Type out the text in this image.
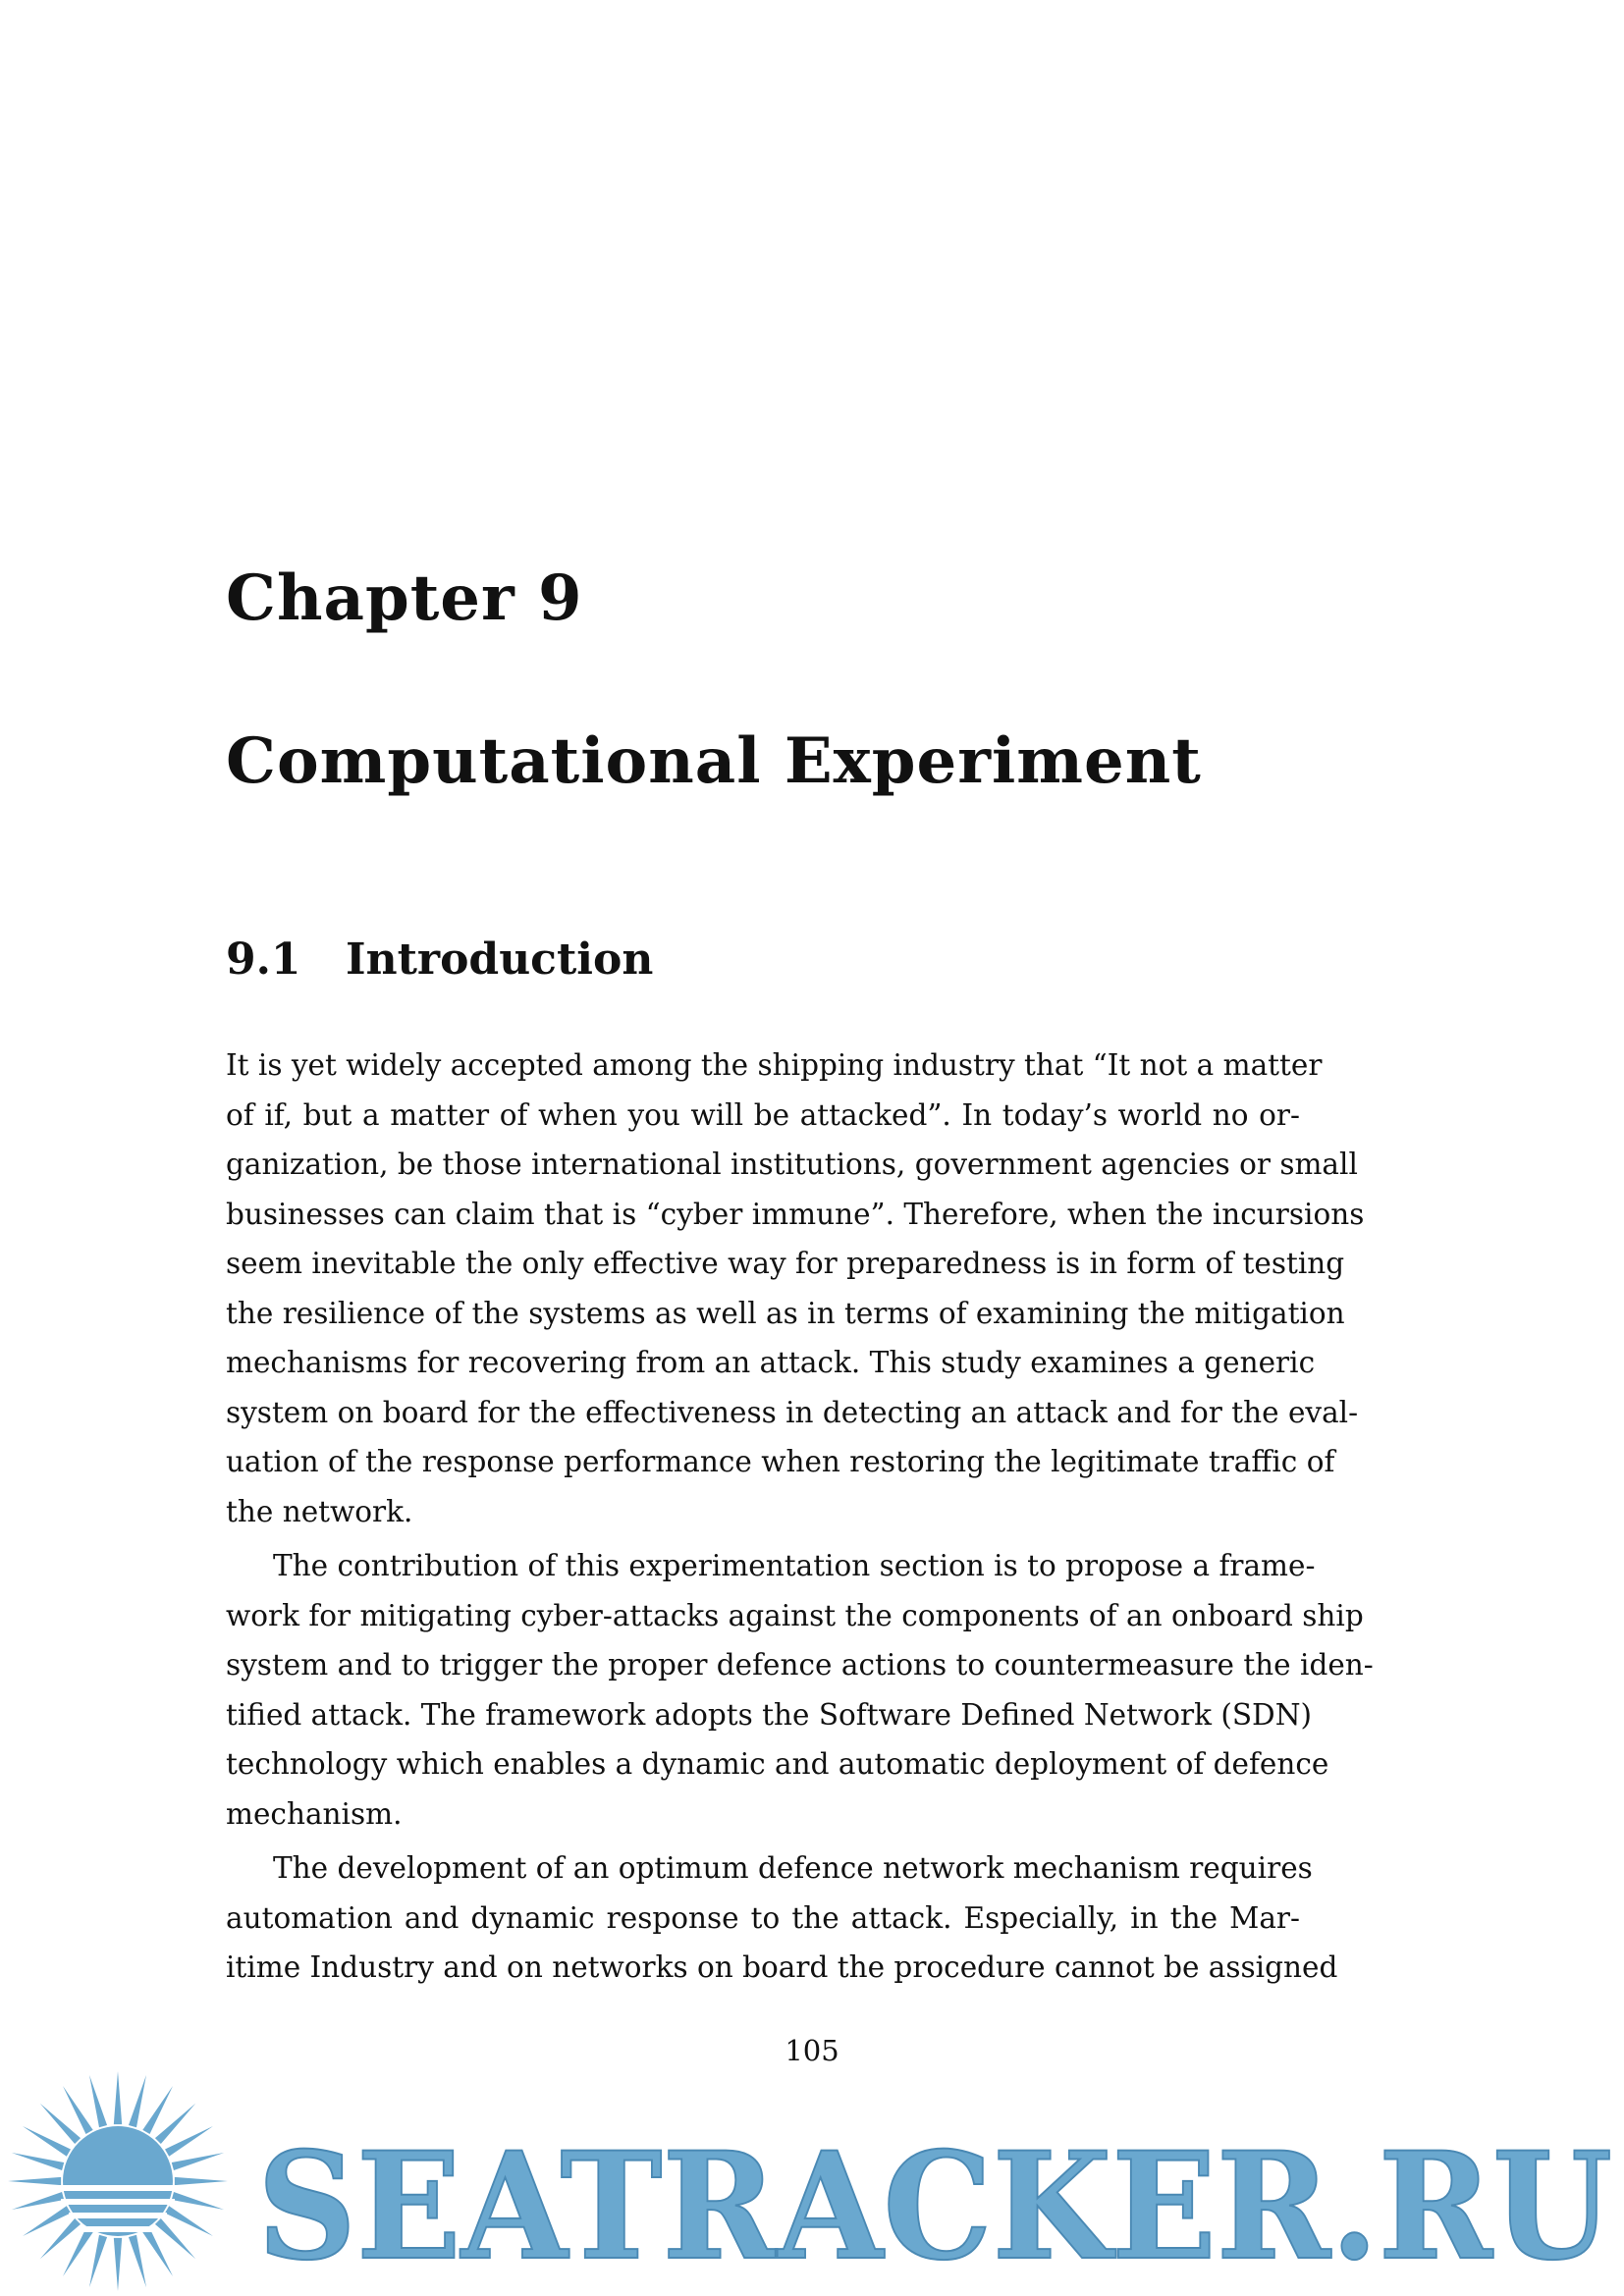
Chapter 9
Computational Experiment
9.1 Introduction
It is yet widely accepted among the shipping industry that “It not a matter
of if, but a matter of when you will be attacked”. In today’s world no or-
ganization, be those international institutions, government agencies or small
businesses can claim that is “cyber immune”. Therefore, when the incursions
seem inevitable the only effective way for preparedness is in form of testing
the resilience of the systems as well as in terms of examining the mitigation
mechanisms for recovering from an attack. This study examines a generic
system on board for the effectiveness in detecting an attack and for the eval-
uation of the response performance when restoring the legitimate traffic of
the network.
The contribution of this experimentation section is to propose a frame-
work for mitigating cyber-attacks against the components of an onboard ship
system and to trigger the proper defence actions to countermeasure the iden-
tified attack. The framework adopts the Software Defined Network (SDN)
technology which enables a dynamic and automatic deployment of defence
mechanism.
The development of an optimum defence network mechanism requires
automation and dynamic response to the attack. Especially, in the Mar-
itime Industry and on networks on board the procedure cannot be assigned

105

SEATRACKER.RU
